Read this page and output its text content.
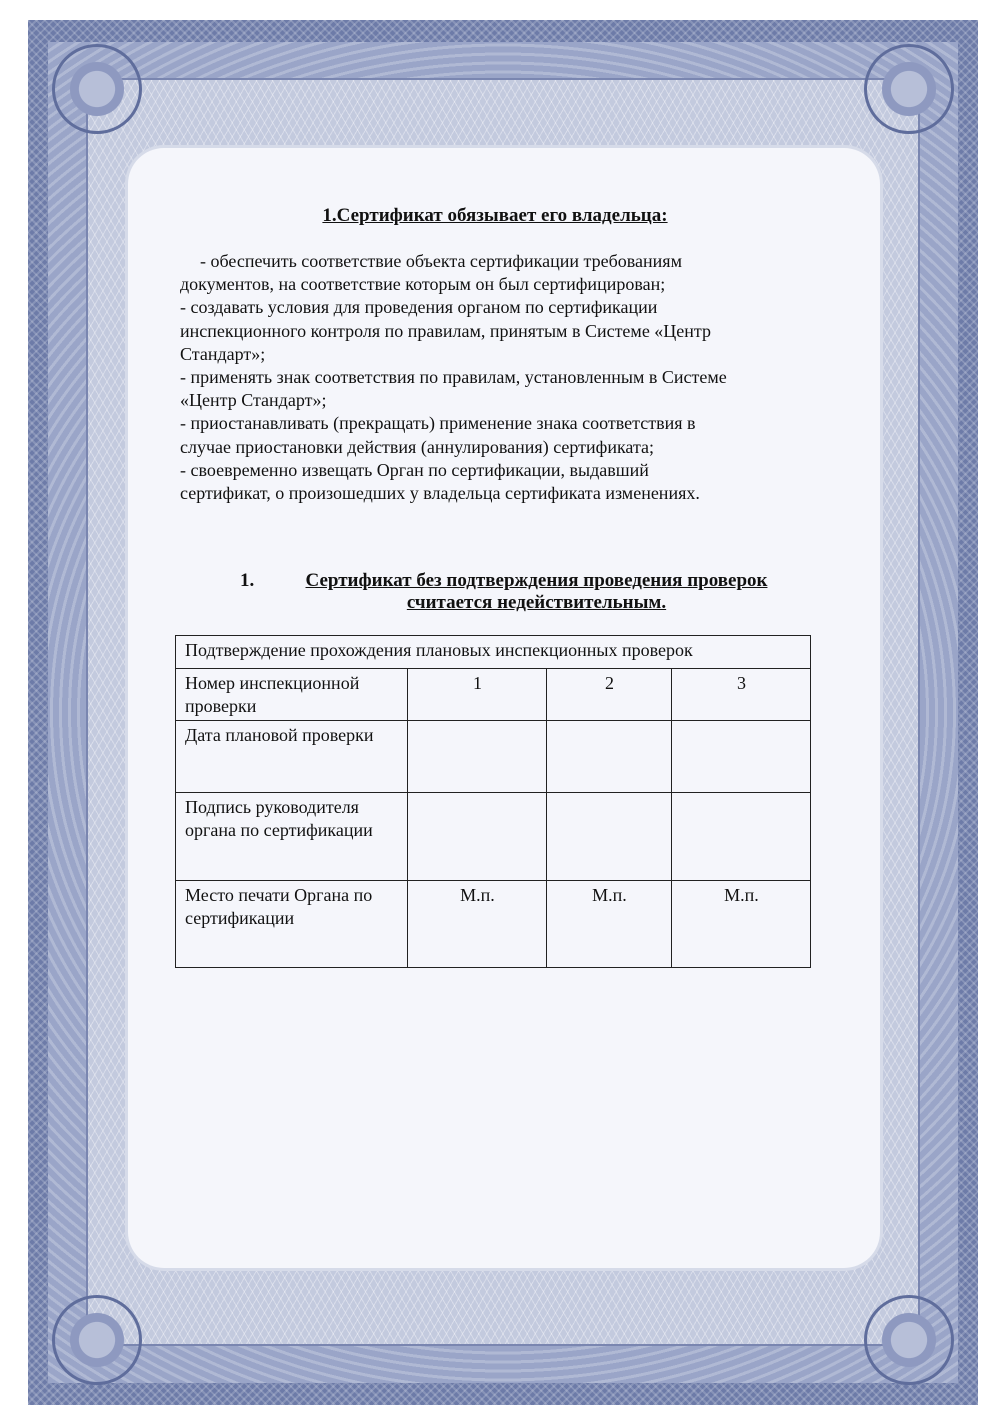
1.Сертификат обязывает его владельца:
- обеспечить соответствие объекта сертификации требованиям
документов, на соответствие которым он был сертифицирован;
- создавать условия для проведения органом по сертификации
инспекционного контроля по правилам, принятым в Системе «Центр
Стандарт»;
- применять знак соответствия по правилам, установленным в Системе
«Центр Стандарт»;
- приостанавливать (прекращать) применение знака соответствия в
случае приостановки действия (аннулирования) сертификата;
- своевременно извещать Орган по сертификации, выдавший
сертификат, о произошедших у владельца сертификата изменениях.
1.	Сертификат без подтверждения проведения проверок
считается недействительным.
Подтверждение прохождения плановых инспекционных проверок			
Номер инспекционной проверки	1	2	3
Дата плановой проверки			
Подпись руководителя органа по сертификации			
Место печати Органа по сертификации	М.п.	М.п.	М.п.
